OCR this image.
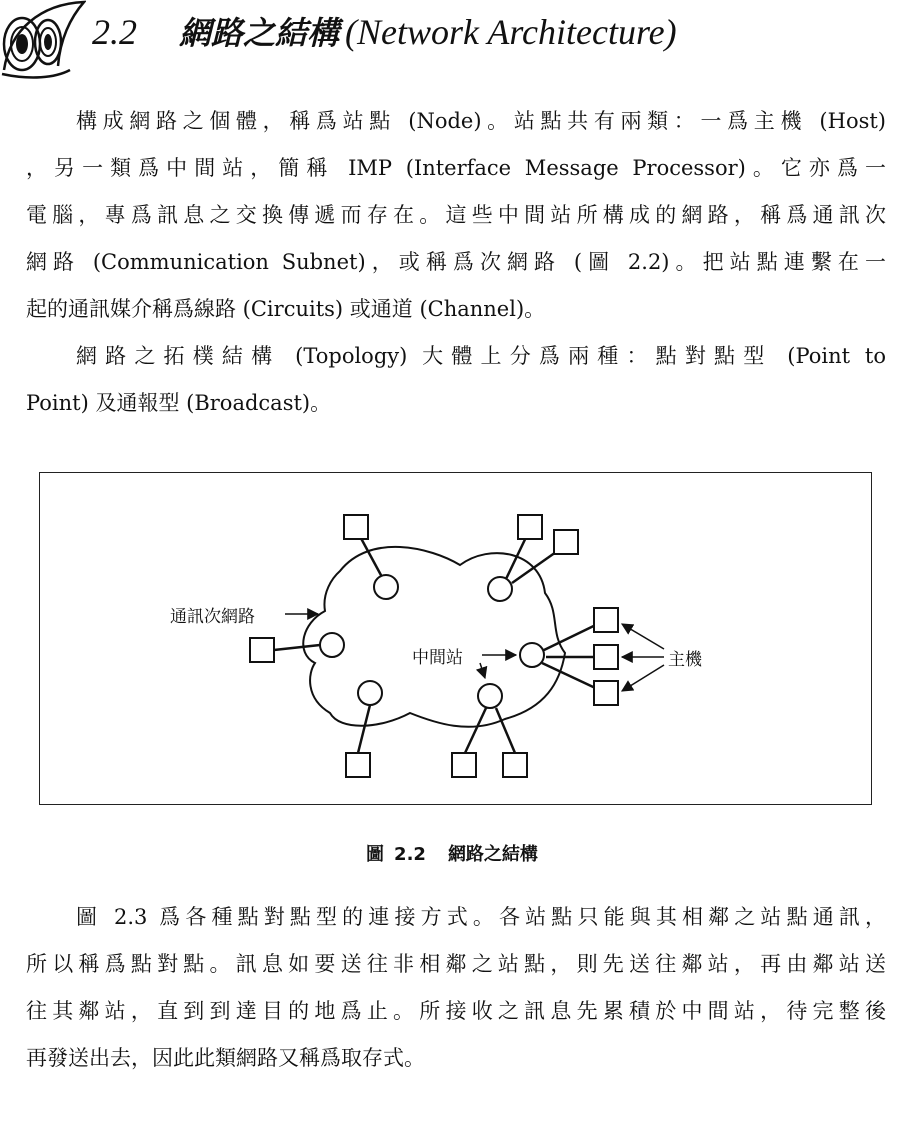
2.2 網路之結構 (Network Architecture)
構成網路之個體，稱爲站點 (Node)。站點共有兩類：一爲主機 (Host)
，另一類爲中間站，簡稱 IMP (Interface Message Processor)。它亦爲一
電腦，專爲訊息之交換傳遞而存在。這些中間站所構成的網路，稱爲通訊次
網路 (Communication Subnet)，或稱爲次網路 (圖 2.2)。把站點連繫在一
起的通訊媒介稱爲線路 (Circuits) 或通道 (Channel)。
網路之拓樸結構 (Topology) 大體上分爲兩種：點對點型 (Point to
Point) 及通報型 (Broadcast)。
通訊次網路
中間站	主機
圖 2.2 網路之結構
圖 2.3 爲各種點對點型的連接方式。各站點只能與其相鄰之站點通訊，
所以稱爲點對點。訊息如要送往非相鄰之站點，則先送往鄰站，再由鄰站送
往其鄰站，直到到達目的地爲止。所接收之訊息先累積於中間站，待完整後
再發送出去，因此此類網路又稱爲取存式。
